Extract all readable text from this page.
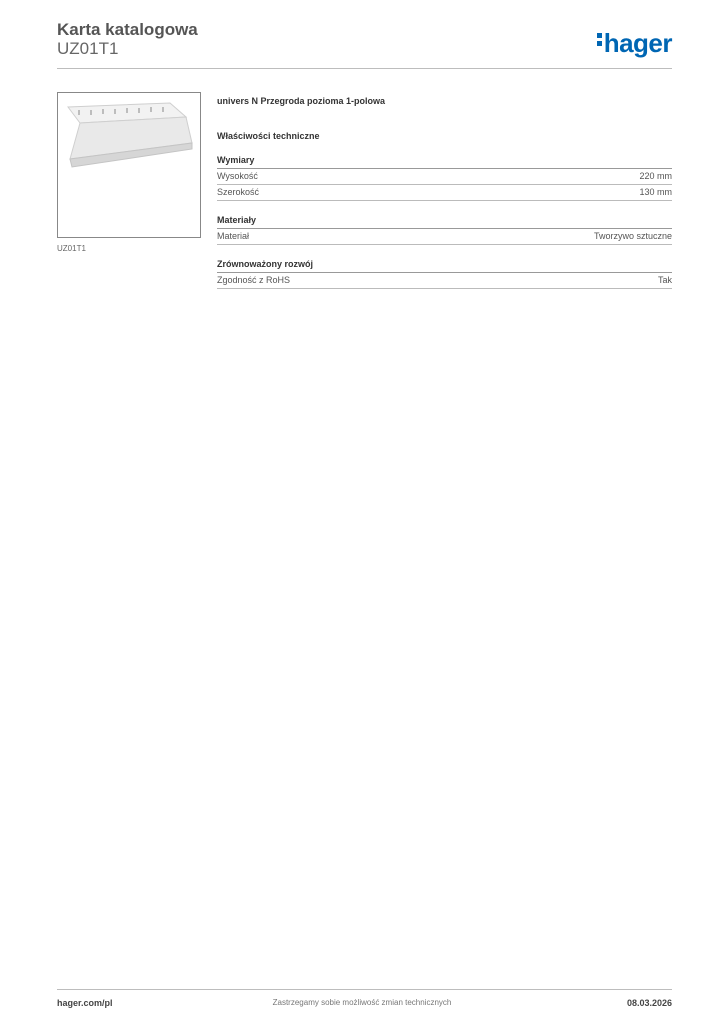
Karta katalogowa
UZ01T1	hager
UZ01T1
univers N Przegroda pozioma 1-polowa
Właściwości techniczne
Wymiary
Wysokość	220 mm
Szerokość	130 mm
Materiały
Materiał	Tworzywo sztuczne
Zrównoważony rozwój
Zgodność z RoHS	Tak
hager.com/pl	Zastrzegamy sobie możliwość zmian technicznych	08.03.2026
